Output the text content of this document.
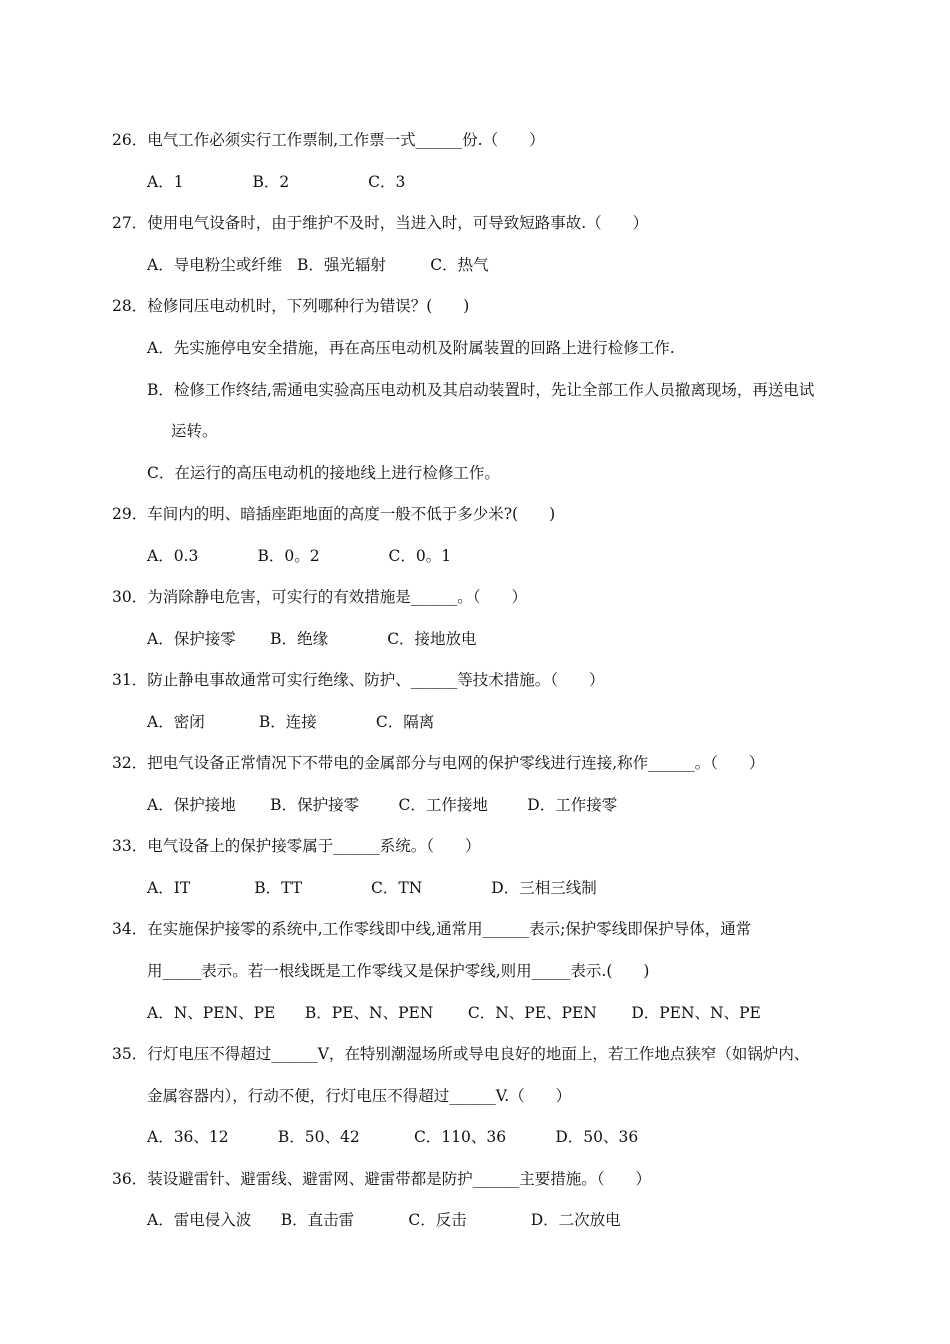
26．电气工作必须实行工作票制,工作票一式______份.（　　）
A．1              B．2                C．3
27．使用电气设备时，由于维护不及时，当进入时，可导致短路事故.（　　）
A．导电粉尘或纤维   B．强光辐射         C．热气
28．检修同压电动机时，下列哪种行为错误？(　　)
A．先实施停电安全措施，再在高压电动机及附属装置的回路上进行检修工作.
B．检修工作终结,需通电实验高压电动机及其启动装置时，先让全部工作人员撤离现场，再送电试
运转。
C．在运行的高压电动机的接地线上进行检修工作。
29．车间内的明、暗插座距地面的高度一般不低于多少米?(　　)
A．0.3            B．0。2              C．0。1
30．为消除静电危害，可实行的有效措施是______。（　　）
A．保护接零       B．绝缘            C．接地放电
31．防止静电事故通常可实行绝缘、防护、______等技术措施。（　　）
A．密闭           B．连接            C．隔离
32．把电气设备正常情况下不带电的金属部分与电网的保护零线进行连接,称作______。（　　）
A．保护接地       B．保护接零        C．工作接地        D．工作接零
33．电气设备上的保护接零属于______系统。（　　）
A．IT             B．TT              C．TN              D．三相三线制
34．在实施保护接零的系统中,工作零线即中线,通常用______表示;保护零线即保护导体，通常
用_____表示。若一根线既是工作零线又是保护零线,则用_____表示.(　　)
A．N、PEN、PE      B．PE、N、PEN       C．N、PE、PEN       D．PEN、N、PE
35．行灯电压不得超过______V，在特别潮湿场所或导电良好的地面上，若工作地点狭窄（如锅炉内、
金属容器内），行动不便，行灯电压不得超过______V.（　　）
A．36、12          B．50、42           C．110、36          D．50、36
36．装设避雷针、避雷线、避雷网、避雷带都是防护______主要措施。（　　）
A．雷电侵入波      B．直击雷           C．反击             D．二次放电
